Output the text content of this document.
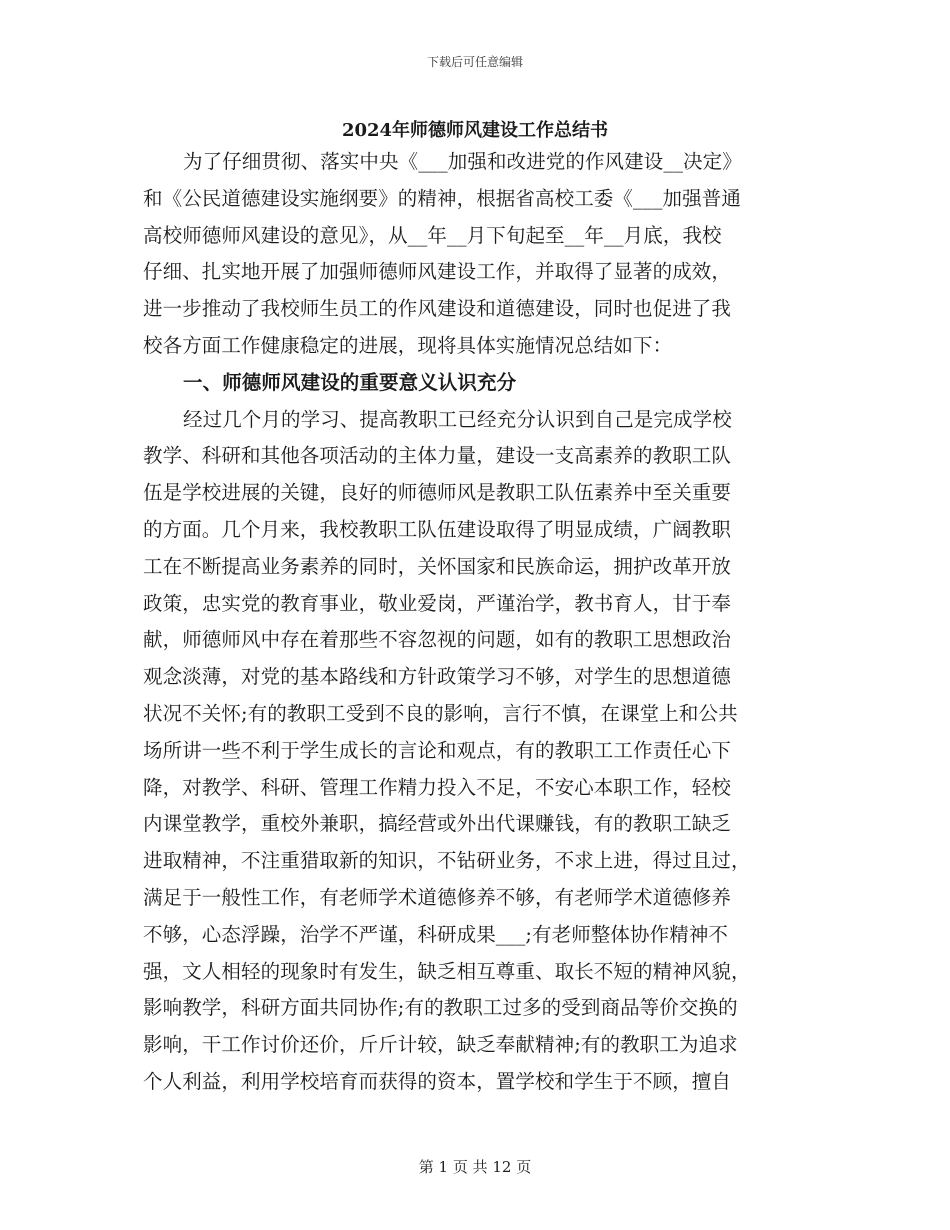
下载后可任意编辑
2024年师德师风建设工作总结书
为了仔细贯彻、落实中央《___加强和改进党的作风建设__决定》
和《公民道德建设实施纲要》的精神，根据省高校工委《___加强普通
高校师德师风建设的意见》，从__年__月下旬起至__年__月底，我校
仔细、扎实地开展了加强师德师风建设工作，并取得了显著的成效，
进一步推动了我校师生员工的作风建设和道德建设，同时也促进了我
校各方面工作健康稳定的进展，现将具体实施情况总结如下：
一、师德师风建设的重要意义认识充分
经过几个月的学习、提高教职工已经充分认识到自己是完成学校
教学、科研和其他各项活动的主体力量，建设一支高素养的教职工队
伍是学校进展的关键，良好的师德师风是教职工队伍素养中至关重要
的方面。几个月来，我校教职工队伍建设取得了明显成绩，广阔教职
工在不断提高业务素养的同时，关怀国家和民族命运，拥护改革开放
政策，忠实党的教育事业，敬业爱岗，严谨治学，教书育人，甘于奉
献，师德师风中存在着那些不容忽视的问题，如有的教职工思想政治
观念淡薄，对党的基本路线和方针政策学习不够，对学生的思想道德
状况不关怀;有的教职工受到不良的影响，言行不慎，在课堂上和公共
场所讲一些不利于学生成长的言论和观点，有的教职工工作责任心下
降，对教学、科研、管理工作精力投入不足，不安心本职工作，轻校
内课堂教学，重校外兼职，搞经营或外出代课赚钱，有的教职工缺乏
进取精神，不注重猎取新的知识，不钻研业务，不求上进，得过且过，
满足于一般性工作，有老师学术道德修养不够，有老师学术道德修养
不够，心态浮躁，治学不严谨，科研成果___;有老师整体协作精神不
强，文人相轻的现象时有发生，缺乏相互尊重、取长不短的精神风貌，
影响教学，科研方面共同协作;有的教职工过多的受到商品等价交换的
影响，干工作讨价还价，斤斤计较，缺乏奉献精神;有的教职工为追求
个人利益，利用学校培育而获得的资本，置学校和学生于不顾，擅自
第 1 页 共 12 页
